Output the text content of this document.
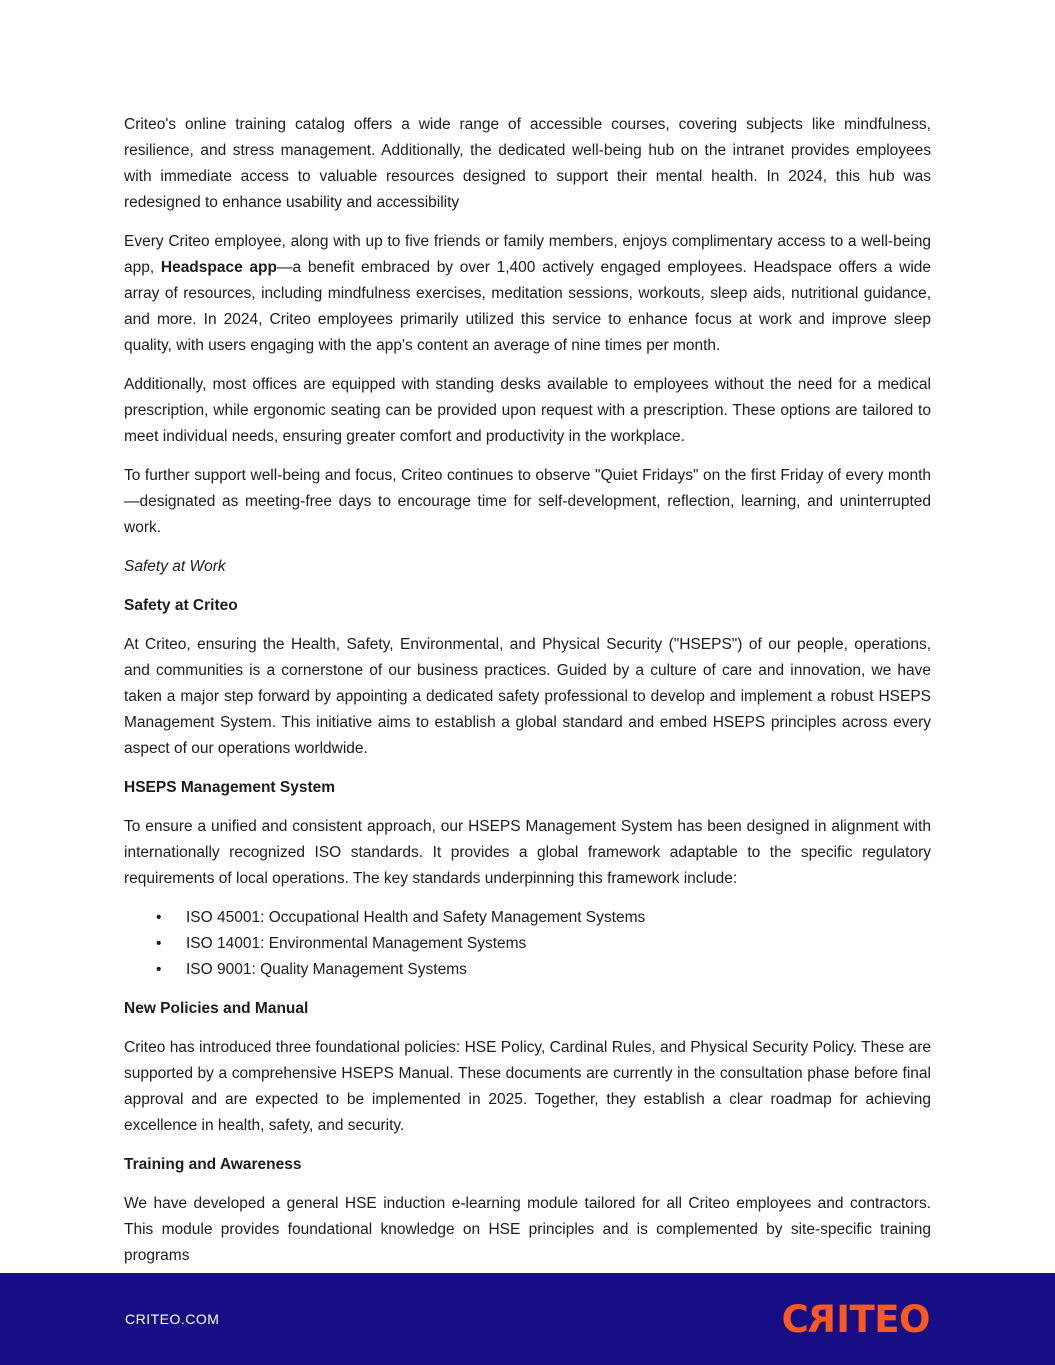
Criteo's online training catalog offers a wide range of accessible courses, covering subjects like mindfulness, resilience, and stress management. Additionally, the dedicated well-being hub on the intranet provides employees with immediate access to valuable resources designed to support their mental health. In 2024, this hub was redesigned to enhance usability and accessibility

Every Criteo employee, along with up to five friends or family members, enjoys complimentary access to a well-being app, Headspace app—a benefit embraced by over 1,400 actively engaged employees. Headspace offers a wide array of resources, including mindfulness exercises, meditation sessions, workouts, sleep aids, nutritional guidance, and more. In 2024, Criteo employees primarily utilized this service to enhance focus at work and improve sleep quality, with users engaging with the app's content an average of nine times per month.

Additionally, most offices are equipped with standing desks available to employees without the need for a medical prescription, while ergonomic seating can be provided upon request with a prescription. These options are tailored to meet individual needs, ensuring greater comfort and productivity in the workplace.

To further support well-being and focus, Criteo continues to observe "Quiet Fridays" on the first Friday of every month—designated as meeting-free days to encourage time for self-development, reflection, learning, and uninterrupted work.

Safety at Work

Safety at Criteo

At Criteo, ensuring the Health, Safety, Environmental, and Physical Security ("HSEPS") of our people, operations, and communities is a cornerstone of our business practices. Guided by a culture of care and innovation, we have taken a major step forward by appointing a dedicated safety professional to develop and implement a robust HSEPS Management System. This initiative aims to establish a global standard and embed HSEPS principles across every aspect of our operations worldwide.

HSEPS Management System

To ensure a unified and consistent approach, our HSEPS Management System has been designed in alignment with internationally recognized ISO standards. It provides a global framework adaptable to the specific regulatory requirements of local operations. The key standards underpinning this framework include:

•	ISO 45001: Occupational Health and Safety Management Systems
•	ISO 14001: Environmental Management Systems
•	ISO 9001: Quality Management Systems

New Policies and Manual

Criteo has introduced three foundational policies: HSE Policy, Cardinal Rules, and Physical Security Policy. These are supported by a comprehensive HSEPS Manual. These documents are currently in the consultation phase before final approval and are expected to be implemented in 2025. Together, they establish a clear roadmap for achieving excellence in health, safety, and security.

Training and Awareness

We have developed a general HSE induction e-learning module tailored for all Criteo employees and contractors. This module provides foundational knowledge on HSE principles and is complemented by site-specific training programs

CRITEO.COM	CRITEO
